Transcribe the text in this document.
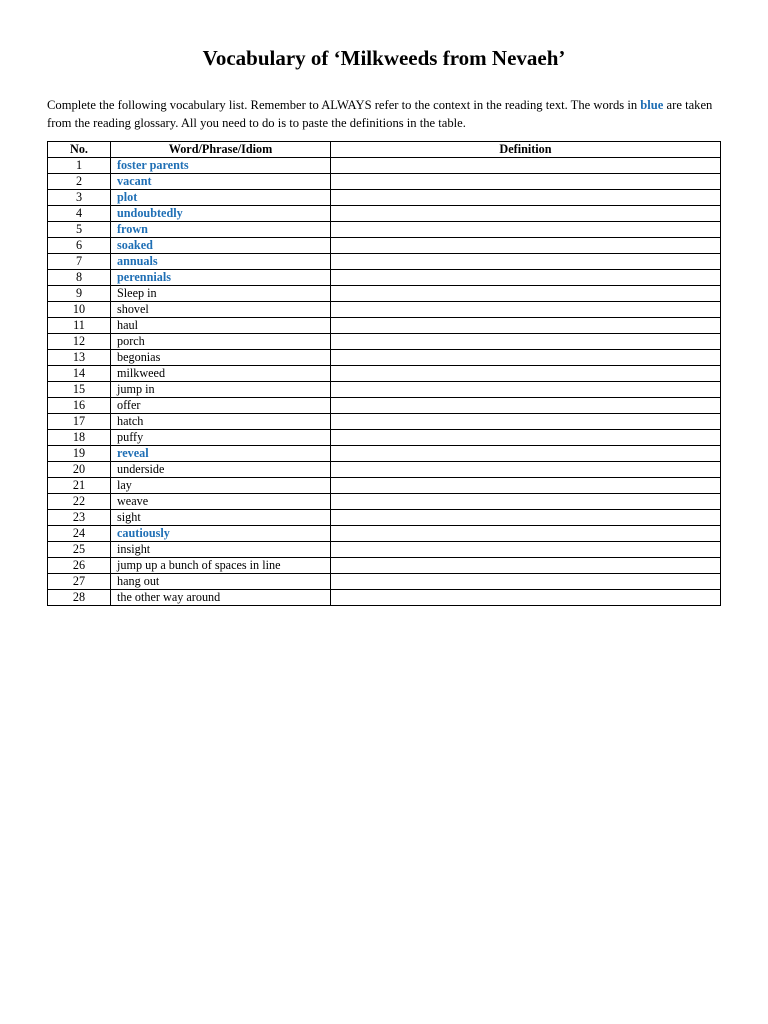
Vocabulary of ‘Milkweeds from Nevaeh’

Complete the following vocabulary list. Remember to ALWAYS refer to the context in the reading text. The words in blue are taken from the reading glossary. All you need to do is to paste the definitions in the table.

No.	Word/Phrase/Idiom	Definition
1	foster parents	
2	vacant	
3	plot	
4	undoubtedly	
5	frown	
6	soaked	
7	annuals	
8	perennials	
9	Sleep in	
10	shovel	
11	haul	
12	porch	
13	begonias	
14	milkweed	
15	jump in	
16	offer	
17	hatch	
18	puffy	
19	reveal	
20	underside	
21	lay	
22	weave	
23	sight	
24	cautiously	
25	insight	
26	jump up a bunch of spaces in line	
27	hang out	
28	the other way around	
